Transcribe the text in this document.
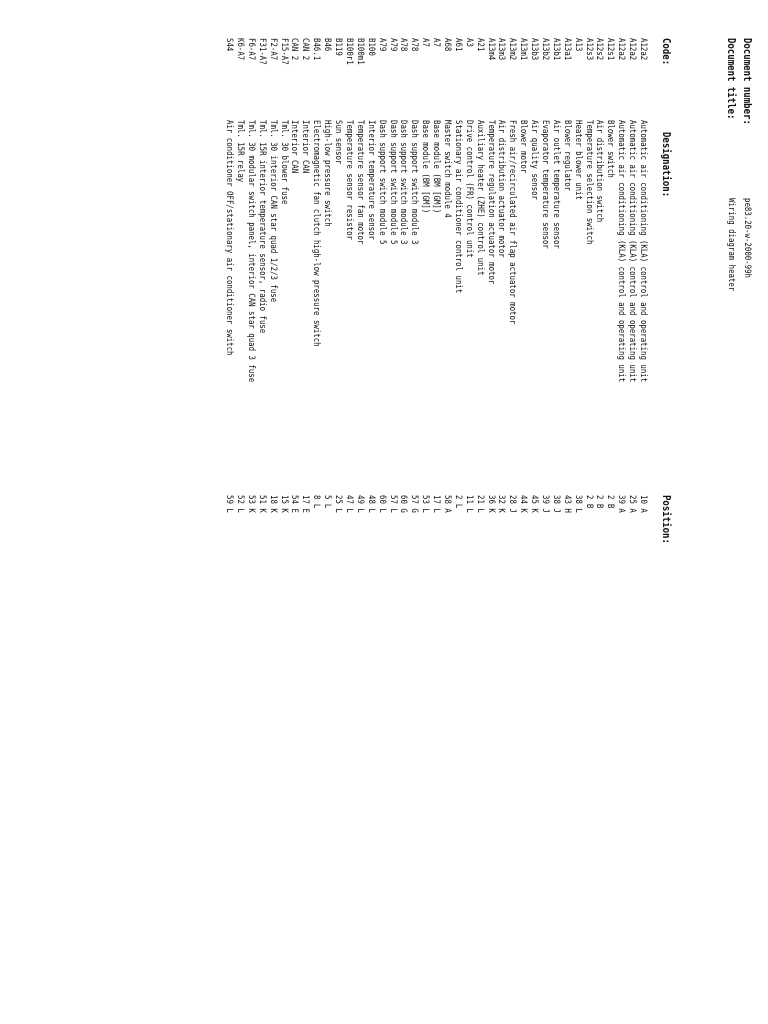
Document number:
pe83.20-w-2000-99h
Document title:
Wiring diagram heater
Code:
Designation:
Position:
A12a2
Automatic air conditioning (KLA) control and operating unit
10 A
A12a2
Automatic air conditioning (KLA) control and operating unit
25 A
A12a2
Automatic air conditioning (KLA) control and operating unit
39 A
A12s1
Blower switch
2 B
A12s2
Air distribution switch
2 B
A12s3
Temperature selection switch
2 B
A13
Heater blower unit
38 L
A13a1
Blower regulator
43 H
A13b1
Air outlet temperature sensor
38 J
A13b2
Evaporator temperature sensor
39 J
A13b3
Air quality sensor
45 K
A13m1
Blower motor
44 K
A13m2
Fresh air/recirculated air flap actuator motor
28 J
A13m3
Air distribution actuator motor
32 K
A13m4
Temperature regulation actuator motor
36 K
A21
Auxiliary heater (ZHE) control unit
21 L
A3
Drive control (FR) control unit
11 L
A61
Stationary air conditioner control unit
2 L
A68
Master switch module 4
58 A
A7
Base module (BM [GM])
17 L
A7
Base module (BM [GM])
53 L
A78
Dash support switch module 3
57 G
A78
Dash support switch module 3
60 G
A79
Dash support switch module 5
57 L
A79
Dash support switch module 5
60 L
B100
Interior temperature sensor
48 L
B100m1
Temperature sensor fan motor
49 L
B100r1
Temperature sensor resistor
47 L
B119
Sun sensor
25 L
B46
High-low pressure switch
5 L
B46.1
Electromagnetic fan clutch high-low pressure switch
8 L
CAN 2
Interior CAN
17 E
CAN 2
Interior CAN
54 E
F15-A7
Tml. 30 blower fuse
15 K
F2-A7
Tml. 30 interior CAN star quad 1/2/3 fuse
18 K
F31-A7
Tml. 15R interior temperature sensor, radio fuse
51 K
F6-A7
Tml. 30 modular switch panel, interior CAN star quad 3 fuse
53 K
K6-A7
Tml. 15R relay
52 L
S44
Air conditioner OFF/stationary air conditioner switch
59 L
